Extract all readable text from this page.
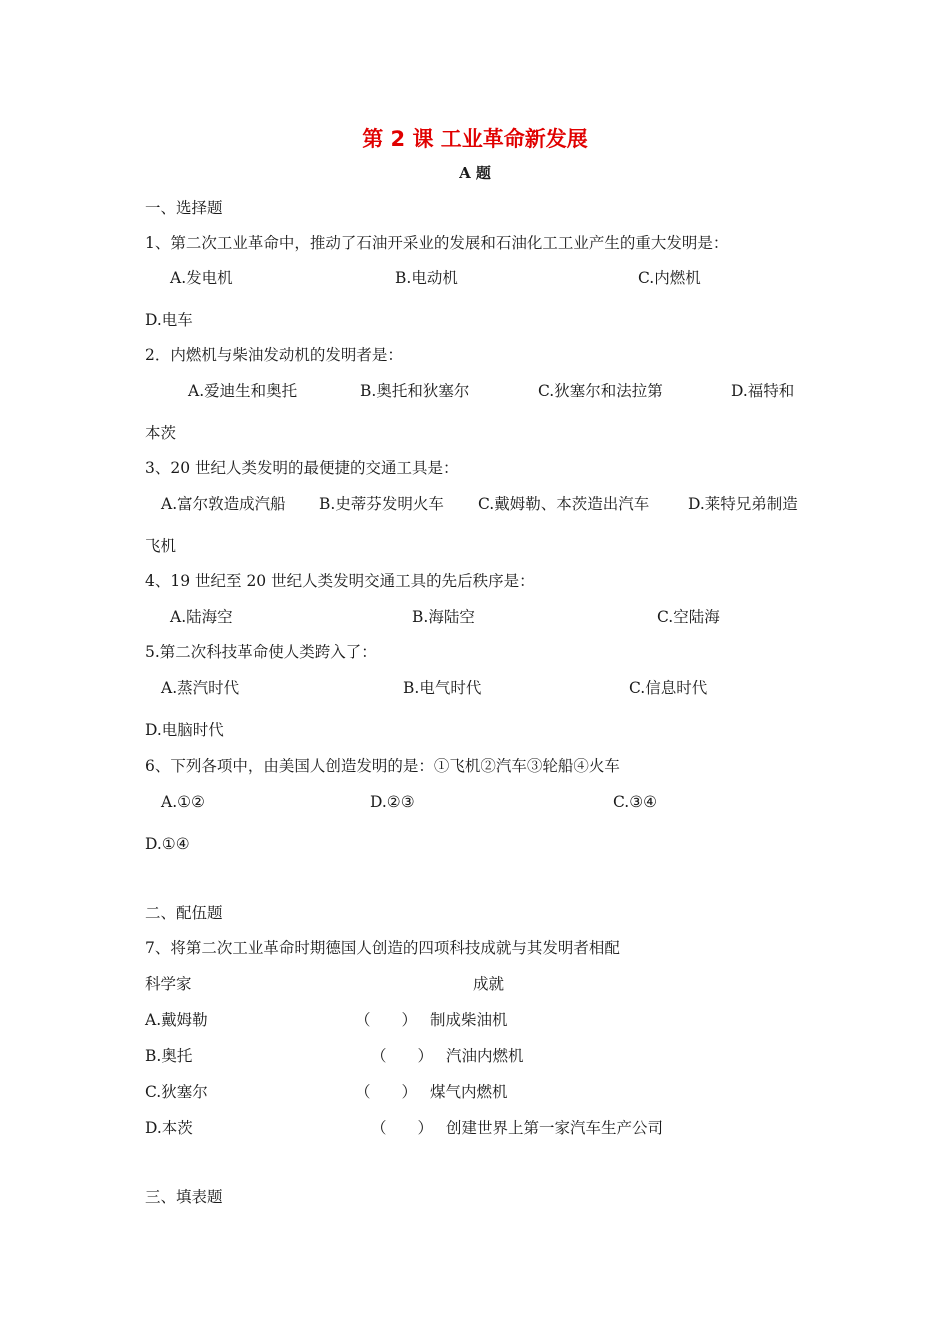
第 2 课 工业革命新发展
A 题
一、选择题
1、第二次工业革命中，推动了石油开采业的发展和石油化工工业产生的重大发明是：
A.发电机	B.电动机	C.内燃机
D.电车
2．内燃机与柴油发动机的发明者是：
A.爱迪生和奥托	B.奥托和狄塞尔	C.狄塞尔和法拉第	D.福特和
本茨
3、20 世纪人类发明的最便捷的交通工具是：
A.富尔敦造成汽船 B.史蒂芬发明火车 C.戴姆勒、本茨造出汽车	D.莱特兄弟制造
飞机
4、19 世纪至 20 世纪人类发明交通工具的先后秩序是：
A.陆海空	B.海陆空	C.空陆海
5.第二次科技革命使人类跨入了：
A.蒸汽时代	B.电气时代	C.信息时代
D.电脑时代
6、下列各项中，由美国人创造发明的是：①飞机②汽车③轮船④火车
A.①②	D.②③	C.③④
D.①④
二、配伍题
7、将第二次工业革命时期德国人创造的四项科技成就与其发明者相配
科学家	成就
A.戴姆勒	（　　） 制成柴油机
B.奥托	（　　） 汽油内燃机
C.狄塞尔	（　　） 煤气内燃机
D.本茨	（　　） 创建世界上第一家汽车生产公司
三、填表题
